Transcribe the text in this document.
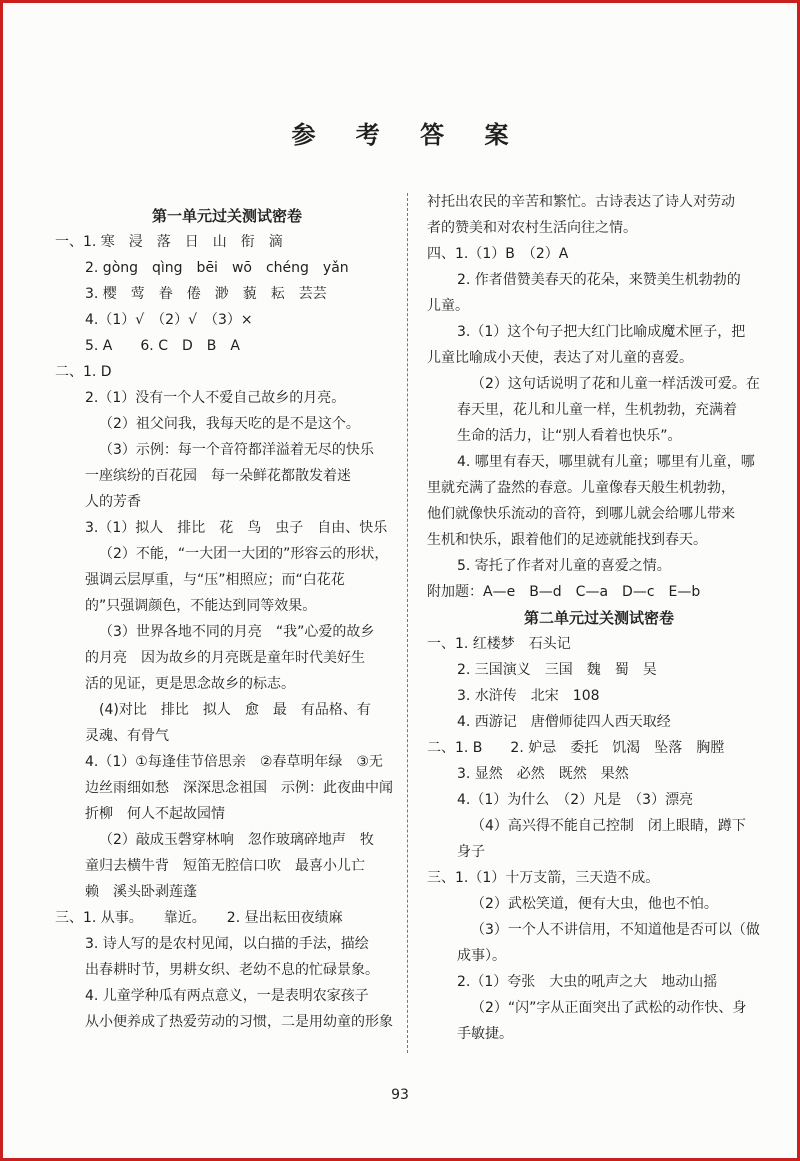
参 考 答 案
第一单元过关测试密卷
一、1. 寒　浸　落　日　山　衔　滴
2. gòng　qìng　bēi　wō　chéng　yǎn
3. 樱　莺　眷　倦　渺　藐　耘　芸芸
4.（1）√　（2）√　（3）×
5. A　　6. C　D　B　A
二、1. D
2.（1）没有一个人不爱自己故乡的月亮。
（2）祖父问我，我每天吃的是不是这个。
（3）示例：每一个音符都洋溢着无尽的快乐
一座缤纷的百花园　每一朵鲜花都散发着迷
人的芳香
3.（1）拟人　排比　花　鸟　虫子　自由、快乐
（2）不能，“一大团一大团的”形容云的形状，
强调云层厚重，与“压”相照应；而“白花花
的”只强调颜色，不能达到同等效果。
（3）世界各地不同的月亮　“我”心爱的故乡
的月亮　因为故乡的月亮既是童年时代美好生
活的见证，更是思念故乡的标志。
(4)对比　排比　拟人　愈　最　有品格、有
灵魂、有骨气
4.（1）①每逢佳节倍思亲　②春草明年绿　③无
边丝雨细如愁　深深思念祖国　示例：此夜曲中闻
折柳　何人不起故园情
（2）敲成玉磬穿林响　忽作玻璃碎地声　牧
童归去横牛背　短笛无腔信口吹　最喜小儿亡
赖　溪头卧剥莲蓬
三、1. 从事。　　靠近。　　2. 昼出耘田夜绩麻
3. 诗人写的是农村见闻，以白描的手法，描绘
出春耕时节，男耕女织、老幼不息的忙碌景象。
4. 儿童学种瓜有两点意义，一是表明农家孩子
从小便养成了热爱劳动的习惯，二是用幼童的形象
衬托出农民的辛苦和繁忙。古诗表达了诗人对劳动
者的赞美和对农村生活向往之情。
四、1.（1）B　（2）A
2. 作者借赞美春天的花朵，来赞美生机勃勃的
儿童。
3.（1）这个句子把大红门比喻成魔术匣子，把
儿童比喻成小天使，表达了对儿童的喜爱。
（2）这句话说明了花和儿童一样活泼可爱。在
春天里，花儿和儿童一样，生机勃勃，充满着
生命的活力，让“别人看着也快乐”。
4. 哪里有春天，哪里就有儿童；哪里有儿童，哪
里就充满了盎然的春意。儿童像春天般生机勃勃，
他们就像快乐流动的音符，到哪儿就会给哪儿带来
生机和快乐，跟着他们的足迹就能找到春天。
5. 寄托了作者对儿童的喜爱之情。
附加题：A—e　B—d　C—a　D—c　E—b
第二单元过关测试密卷
一、1. 红楼梦　石头记
2. 三国演义　三国　魏　蜀　吴
3. 水浒传　北宋　108
4. 西游记　唐僧师徒四人西天取经
二、1. B　　2. 妒忌　委托　饥渴　坠落　胸膛
3. 显然　必然　既然　果然
4.（1）为什么　（2）凡是　（3）漂亮
（4）高兴得不能自己控制　闭上眼睛，蹲下
身子
三、1.（1）十万支箭，三天造不成。
（2）武松笑道，便有大虫，他也不怕。
（3）一个人不讲信用，不知道他是否可以（做
成事）。
2.（1）夸张　大虫的吼声之大　地动山摇
（2）“闪”字从正面突出了武松的动作快、身
手敏捷。
93
